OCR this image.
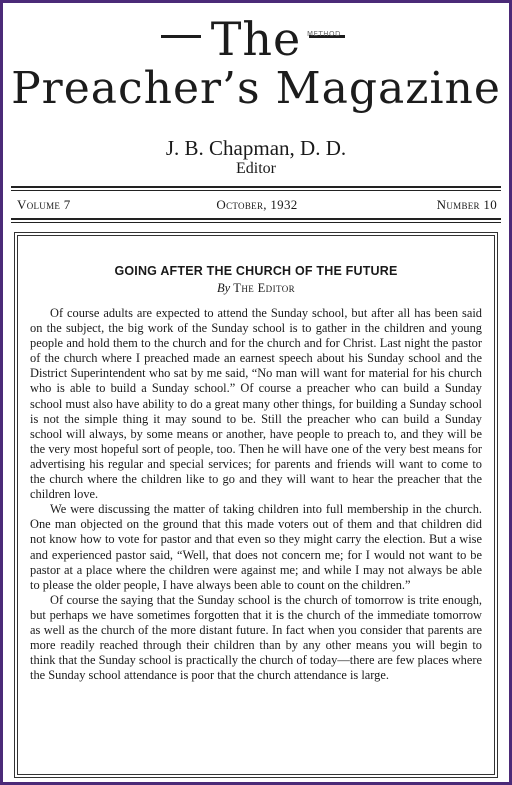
METHOD
The
Preacher’s Magazine
J. B. Chapman, D. D.
Editor
Volume 7	October, 1932	Number 10
GOING AFTER THE CHURCH OF THE FUTURE
By The Editor

Of course adults are expected to attend the Sunday school, but after all has been said on the subject, the big work of the Sunday school is to gather in the children and young people and hold them to the church and for the church and for Christ. Last night the pastor of the church where I preached made an earnest speech about his Sunday school and the District Superintendent who sat by me said, “No man will want for material for his church who is able to build a Sunday school.” Of course a preacher who can build a Sunday school must also have ability to do a great many other things, for building a Sunday school is not the simple thing it may sound to be. Still the preacher who can build a Sunday school will always, by some means or another, have people to preach to, and they will be the very most hopeful sort of people, too. Then he will have one of the very best means for advertising his regular and special services; for parents and friends will want to come to the church where the children like to go and they will want to hear the preacher that the children love.

We were discussing the matter of taking children into full membership in the church. One man objected on the ground that this made voters out of them and that children did not know how to vote for pastor and that even so they might carry the election. But a wise and experienced pastor said, “Well, that does not concern me; for I would not want to be pastor at a place where the children were against me; and while I may not always be able to please the older people, I have always been able to count on the children.”

Of course the saying that the Sunday school is the church of tomorrow is trite enough, but perhaps we have sometimes forgotten that it is the church of the immediate tomorrow as well as the church of the more distant future. In fact when you consider that parents are more readily reached through their children than by any other means you will begin to think that the Sunday school is practically the church of today—there are few places where the Sunday school attendance is poor that the church attendance is large.
